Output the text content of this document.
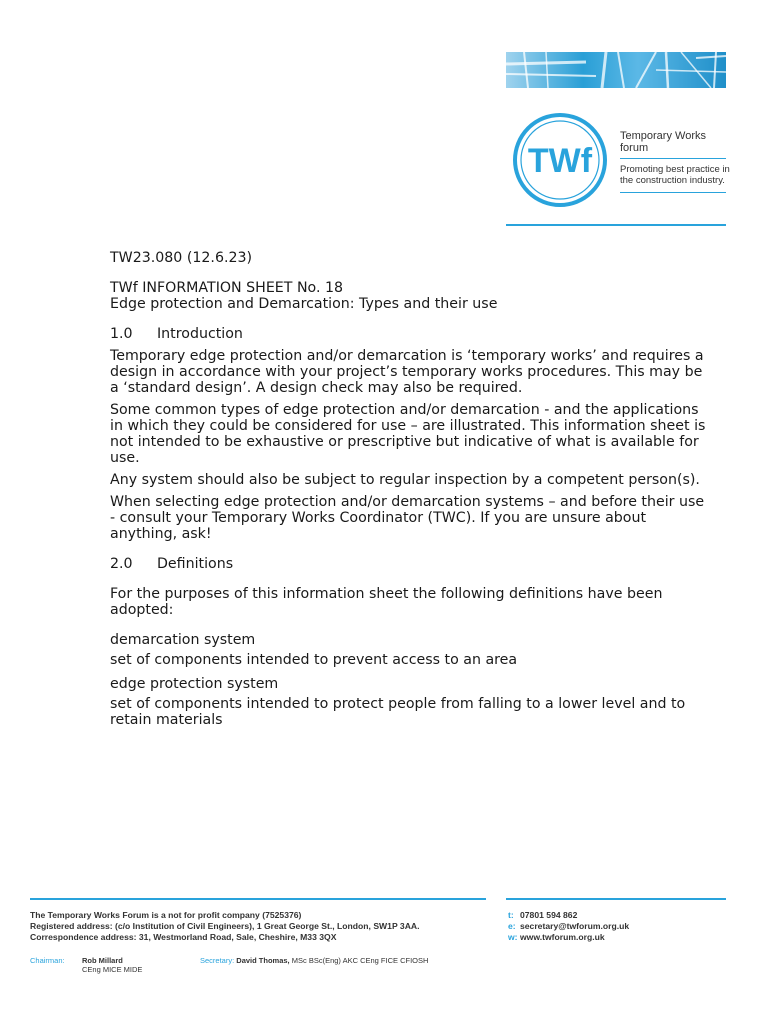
TWf
Temporary Works
forum
Promoting best practice in
the construction industry.

TW23.080 (12.6.23)

TWf INFORMATION SHEET No. 18

Edge protection and Demarcation: Types and their use

1.0 Introduction

Temporary edge protection and/or demarcation is ‘temporary works’ and requires a design in accordance with your project’s temporary works procedures. This may be a ‘standard design’. A design check may also be required.

Some common types of edge protection and/or demarcation - and the applications in which they could be considered for use – are illustrated. This information sheet is not intended to be exhaustive or prescriptive but indicative of what is available for use.

Any system should also be subject to regular inspection by a competent person(s).

When selecting edge protection and/or demarcation systems – and before their use - consult your Temporary Works Coordinator (TWC). If you are unsure about anything, ask!

2.0 Definitions

For the purposes of this information sheet the following definitions have been adopted:

demarcation system

set of components intended to prevent access to an area

edge protection system

set of components intended to protect people from falling to a lower level and to retain materials

The Temporary Works Forum is a not for profit company (7525376)
Registered address: (c/o Institution of Civil Engineers), 1 Great George St., London, SW1P 3AA.
Correspondence address: 31, Westmorland Road, Sale, Cheshire, M33 3QX
t: 07801 594 862
e: secretary@twforum.org.uk
w: www.twforum.org.uk
Chairman: Rob Millard
CEng MICE MIDE
Secretary: David Thomas, MSc BSc(Eng) AKC CEng FICE CFIOSH
